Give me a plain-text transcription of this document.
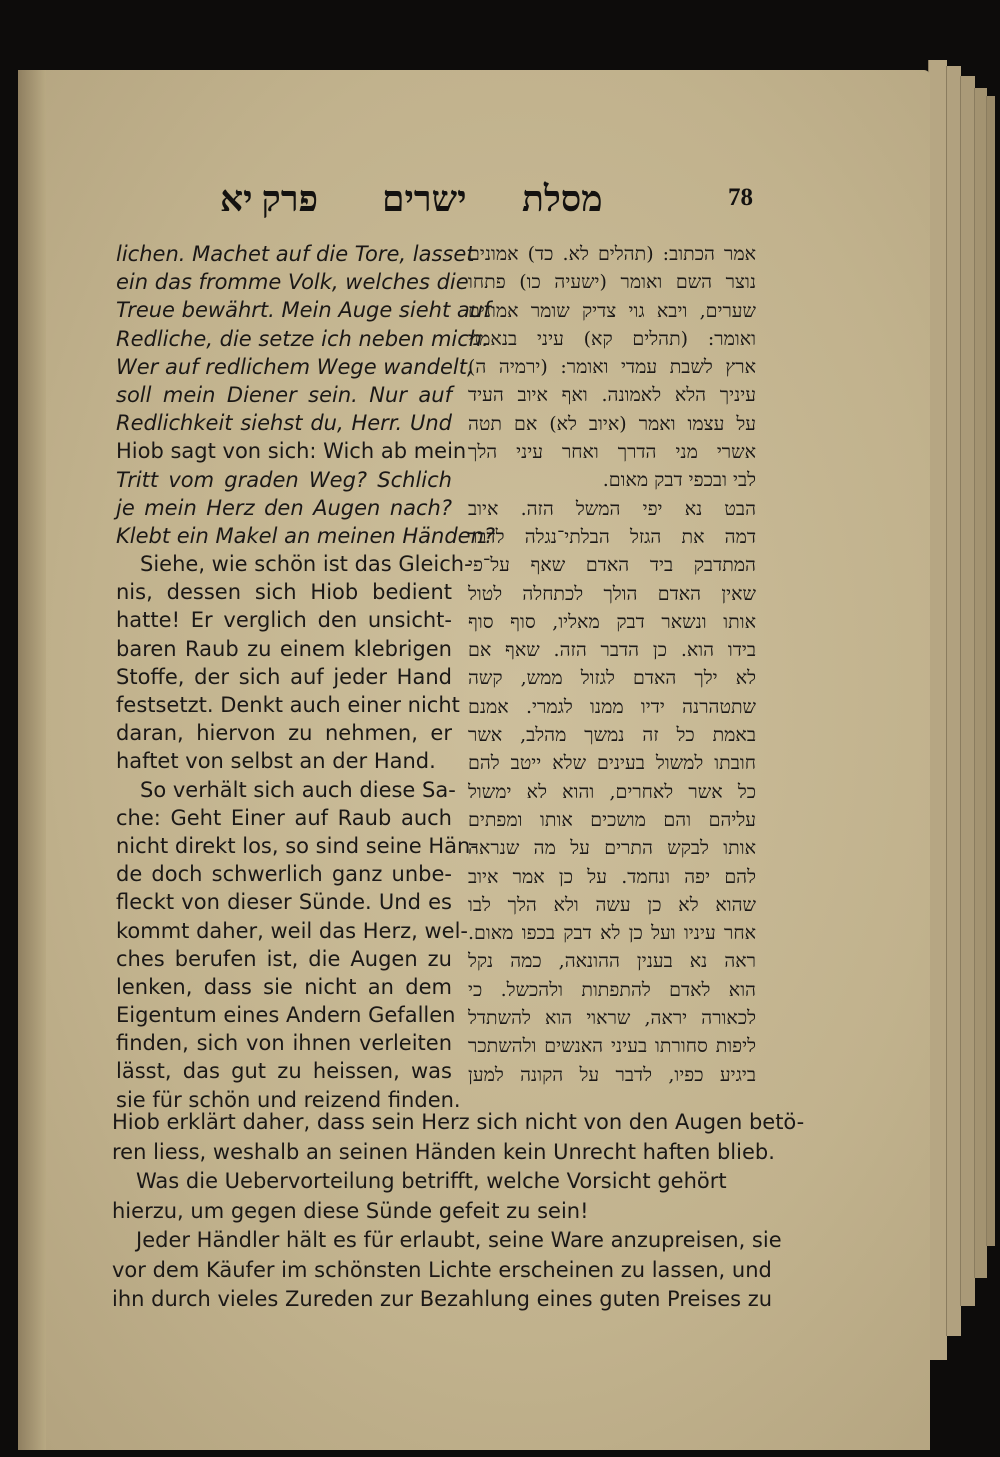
78
מסלת
ישרים
פרק יא
lichen. Machet auf die Tore, lasset
ein das fromme Volk, welches die
Treue bewährt. Mein Auge sieht auf
Redliche, die setze ich neben mich.
Wer auf redlichem Wege wandelt,
soll mein Diener sein. Nur auf
Redlichkeit siehst du, Herr. Und
Hiob sagt von sich: Wich ab mein
Tritt vom graden Weg? Schlich
je mein Herz den Augen nach?
Klebt ein Makel an meinen Händen?
Siehe, wie schön ist das Gleich-
nis, dessen sich Hiob bedient
hatte! Er verglich den unsicht-
baren Raub zu einem klebrigen
Stoffe, der sich auf jeder Hand
festsetzt. Denkt auch einer nicht
daran, hiervon zu nehmen, er
haftet von selbst an der Hand.
So verhält sich auch diese Sa-
che: Geht Einer auf Raub auch
nicht direkt los, so sind seine Hän-
de doch schwerlich ganz unbe-
fleckt von dieser Sünde. Und es
kommt daher, weil das Herz, wel-
ches berufen ist, die Augen zu
lenken, dass sie nicht an dem
Eigentum eines Andern Gefallen
finden, sich von ihnen verleiten
lässt, das gut zu heissen, was
sie für schön und reizend finden.
אמר הכתוב: (תהלים לא. כד) אמונים
נוצר השם ואומר (ישעיה כו) פתחו
שערים, ויבא גוי צדיק שומר אמונים
ואומר: (תהלים קא) עיני בנאמני
ארץ לשבת עמדי ואומר: (ירמיה ה)
עיניך הלא לאמונה. ואף איוב העיד
על עצמו ואמר (איוב לא) אם תטה
אשרי מני הדרך ואחר עיני הלך
לבי ובכפי דבק מאום.
הבט נא יפי המשל הזה. איוב
דמה את הגזל הבלתי־נגלה לדבר
המתדבק ביד האדם שאף על־פי
שאין האדם הולך לכתחלה לטול
אותו ונשאר דבק מאליו, סוף סוף
בידו הוא. כן הדבר הזה. שאף אם
לא ילך האדם לגזול ממש, קשה
שתטהרנה ידיו ממנו לגמרי. אמנם
באמת כל זה נמשך מהלב, אשר
חובתו למשול בעינים שלא ייטב להם
כל אשר לאחרים, והוא לא ימשול
עליהם והם מושכים אותו ומפתים
אותו לבקש התרים על מה שנראה
להם יפה ונחמד. על כן אמר איוב
שהוא לא כן עשה ולא הלך לבו
אחר עיניו ועל כן לא דבק בכפו מאום.
ראה נא בענין ההונאה, כמה נקל
הוא לאדם להתפתות ולהכשל. כי
לכאורה יראה, שראוי הוא להשתדל
ליפות סחורתו בעיני האנשים ולהשתכר
ביגיע כפיו, לדבר על הקונה למען
Hiob erklärt daher, dass sein Herz sich nicht von den Augen betö-
ren liess, weshalb an seinen Händen kein Unrecht haften blieb.
Was die Uebervorteilung betrifft, welche Vorsicht gehört
hierzu, um gegen diese Sünde gefeit zu sein!
Jeder Händler hält es für erlaubt, seine Ware anzupreisen, sie
vor dem Käufer im schönsten Lichte erscheinen zu lassen, und
ihn durch vieles Zureden zur Bezahlung eines guten Preises zu
